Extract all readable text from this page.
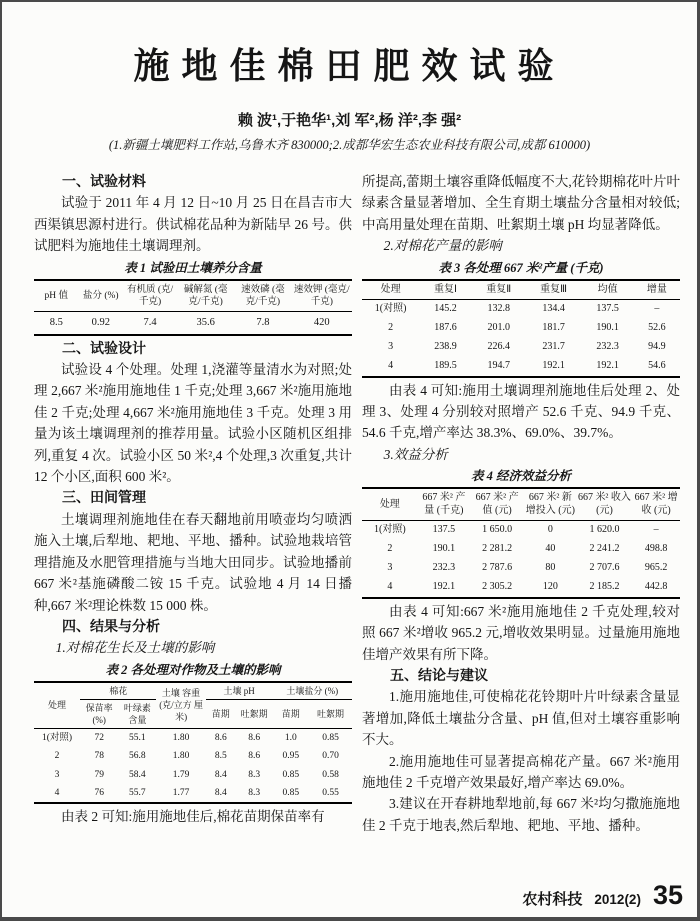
施地佳棉田肥效试验
赖 波¹,于艳华¹,刘 军²,杨 洋²,李 强²
(1.新疆土壤肥料工作站,乌鲁木齐 830000;2.成都华宏生态农业科技有限公司,成都 610000)
一、试验材料

试验于 2011 年 4 月 12 日~10 月 25 日在昌吉市大西渠镇思源村进行。供试棉花品种为新陆早 26 号。供试肥料为施地佳土壤调理剂。

表 1 试验田土壤养分含量
pH 值	盐分 (%)	有机质 (克/千克)	碱解氮 (毫克/千克)	速效磷 (毫克/千克)	速效钾 (毫克/千克)
8.5	0.92	7.4	35.6	7.8	420
二、试验设计

试验设 4 个处理。处理 1,浇灌等量清水为对照;处理 2,667 米²施用施地佳 1 千克;处理 3,667 米²施用施地佳 2 千克;处理 4,667 米²施用施地佳 3 千克。处理 3 用量为该土壤调理剂的推荐用量。试验小区随机区组排列,重复 4 次。试验小区 50 米²,4 个处理,3 次重复,共计 12 个小区,面积 600 米²。

三、田间管理

土壤调理剂施地佳在春天翻地前用喷壶均匀喷洒施入土壤,后犁地、耙地、平地、播种。试验地栽培管理措施及水肥管理措施与当地大田同步。试验地播前 667 米²基施磷酸二铵 15 千克。试验地 4 月 14 日播种,667 米²理论株数 15 000 株。

四、结果与分析

1.对棉花生长及土壤的影响

表 2 各处理对作物及土壤的影响
处理	棉花		土壤 容重 (克/立方 厘米)	土壤 pH		土壤盐分 (%)	
	保苗率 (%)	叶绿素 含量		苗期	吐絮期	苗期	吐絮期
1(对照)	72	55.1	1.80	8.6	8.6	1.0	0.85
2	78	56.8	1.80	8.5	8.6	0.95	0.70
3	79	58.4	1.79	8.4	8.3	0.85	0.58
4	76	55.7	1.77	8.4	8.3	0.85	0.55

由表 2 可知:施用施地佳后,棉花苗期保苗率有

所提高,蕾期土壤容重降低幅度不大,花铃期棉花叶片叶绿素含量显著增加、全生育期土壤盐分含量相对较低;中高用量处理在苗期、吐絮期土壤 pH 均显著降低。

2.对棉花产量的影响

表 3 各处理 667 米²产量 (千克)
处理	重复Ⅰ	重复Ⅱ	重复Ⅲ	均值	增量
1(对照)	145.2	132.8	134.4	137.5	–
2	187.6	201.0	181.7	190.1	52.6
3	238.9	226.4	231.7	232.3	94.9
4	189.5	194.7	192.1	192.1	54.6

由表 4 可知:施用土壤调理剂施地佳后处理 2、处理 3、处理 4 分别较对照增产 52.6 千克、94.9 千克、54.6 千克,增产率达 38.3%、69.0%、39.7%。

3.效益分析

表 4 经济效益分析
处理	667 米² 产量 (千克)	667 米² 产值 (元)	667 米² 新增投入 (元)	667 米² 收入 (元)	667 米² 增收 (元)
1(对照)	137.5	1 650.0	0	1 620.0	–
2	190.1	2 281.2	40	2 241.2	498.8
3	232.3	2 787.6	80	2 707.6	965.2
4	192.1	2 305.2	120	2 185.2	442.8

由表 4 可知:667 米²施用施地佳 2 千克处理,较对照 667 米²增收 965.2 元,增收效果明显。过量施用施地佳增产效果有所下降。

五、结论与建议

1.施用施地佳,可使棉花花铃期叶片叶绿素含量显著增加,降低土壤盐分含量、pH 值,但对土壤容重影响不大。

2.施用施地佳可显著提高棉花产量。667 米²施用施地佳 2 千克增产效果最好,增产率达 69.0%。

3.建议在开春耕地犁地前,每 667 米²均匀撒施施地佳 2 千克于地表,然后犁地、耙地、平地、播种。

农村科技 2012(2) 35
